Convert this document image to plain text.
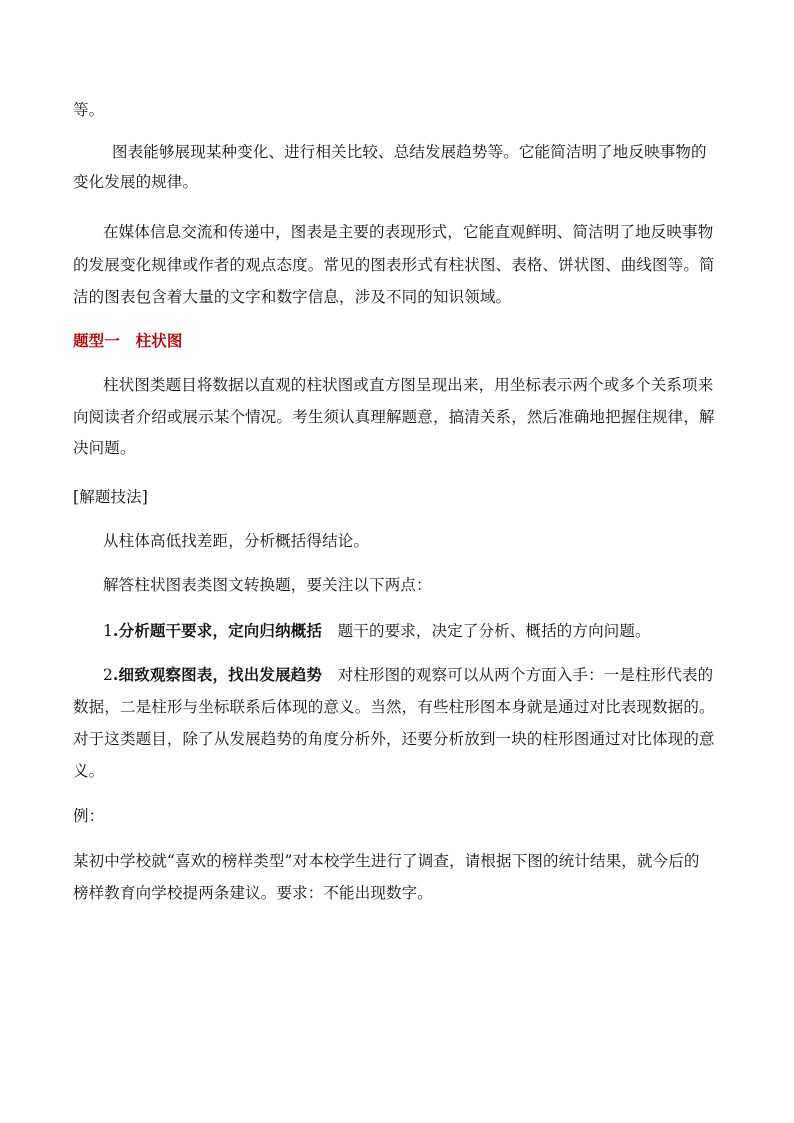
等。
图表能够展现某种变化、进行相关比较、总结发展趋势等。它能简洁明了地反映事物的
变化发展的规律。
在媒体信息交流和传递中，图表是主要的表现形式，它能直观鲜明、简洁明了地反映事物
的发展变化规律或作者的观点态度。常见的图表形式有柱状图、表格、饼状图、曲线图等。简
洁的图表包含着大量的文字和数字信息，涉及不同的知识领域。
题型一　柱状图
柱状图类题目将数据以直观的柱状图或直方图呈现出来，用坐标表示两个或多个关系项来
向阅读者介绍或展示某个情况。考生须认真理解题意，搞清关系，然后准确地把握住规律，解
决问题。
[解题技法]
从柱体高低找差距，分析概括得结论。
解答柱状图表类图文转换题，要关注以下两点：
1.分析题干要求，定向归纳概括　题干的要求，决定了分析、概括的方向问题。
2.细致观察图表，找出发展趋势　对柱形图的观察可以从两个方面入手：一是柱形代表的
数据，二是柱形与坐标联系后体现的意义。当然，有些柱形图本身就是通过对比表现数据的。
对于这类题目，除了从发展趋势的角度分析外，还要分析放到一块的柱形图通过对比体现的意
义。
例：
某初中学校就“喜欢的榜样类型”对本校学生进行了调查，请根据下图的统计结果，就今后的
榜样教育向学校提两条建议。要求：不能出现数字。
